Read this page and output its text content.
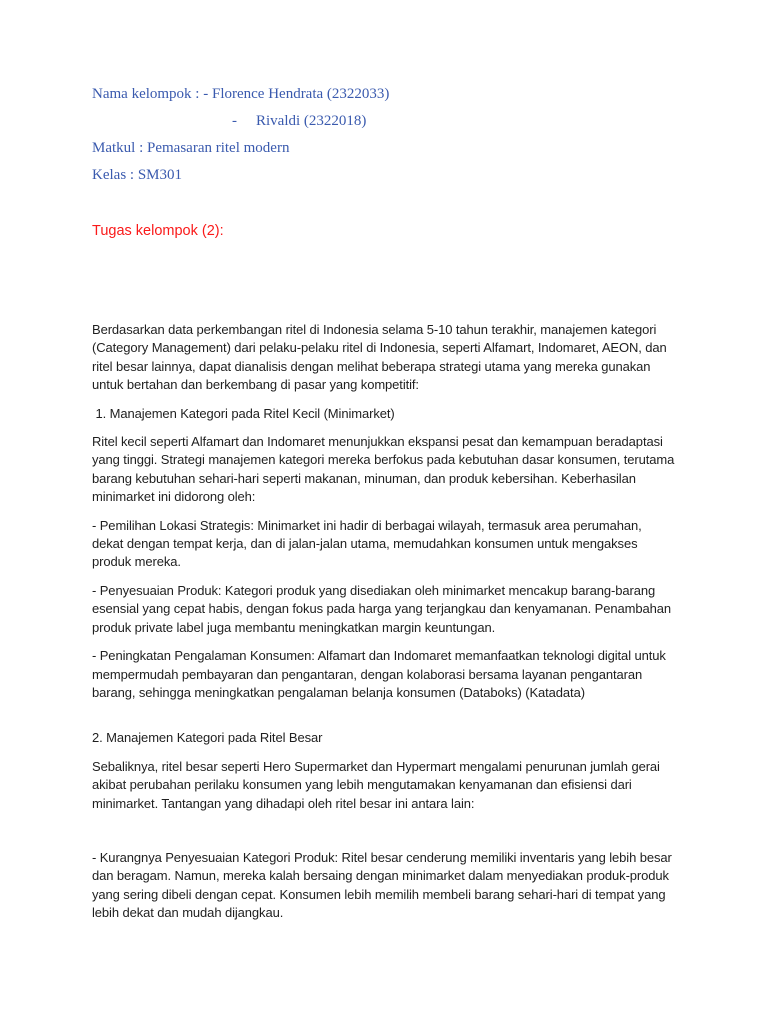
Nama kelompok : - Florence Hendrata (2322033)

- Rivaldi (2322018)

Matkul : Pemasaran ritel modern

Kelas : SM301

Tugas kelompok (2):

Berdasarkan data perkembangan ritel di Indonesia selama 5-10 tahun terakhir, manajemen kategori (Category Management) dari pelaku-pelaku ritel di Indonesia, seperti Alfamart, Indomaret, AEON, dan ritel besar lainnya, dapat dianalisis dengan melihat beberapa strategi utama yang mereka gunakan untuk bertahan dan berkembang di pasar yang kompetitif:

1. Manajemen Kategori pada Ritel Kecil (Minimarket)

Ritel kecil seperti Alfamart dan Indomaret menunjukkan ekspansi pesat dan kemampuan beradaptasi yang tinggi. Strategi manajemen kategori mereka berfokus pada kebutuhan dasar konsumen, terutama barang kebutuhan sehari-hari seperti makanan, minuman, dan produk kebersihan. Keberhasilan minimarket ini didorong oleh:

- Pemilihan Lokasi Strategis: Minimarket ini hadir di berbagai wilayah, termasuk area perumahan, dekat dengan tempat kerja, dan di jalan-jalan utama, memudahkan konsumen untuk mengakses produk mereka.

- Penyesuaian Produk: Kategori produk yang disediakan oleh minimarket mencakup barang-barang esensial yang cepat habis, dengan fokus pada harga yang terjangkau dan kenyamanan. Penambahan produk private label juga membantu meningkatkan margin keuntungan.

- Peningkatan Pengalaman Konsumen: Alfamart dan Indomaret memanfaatkan teknologi digital untuk mempermudah pembayaran dan pengantaran, dengan kolaborasi bersama layanan pengantaran barang, sehingga meningkatkan pengalaman belanja konsumen (Databoks) (Katadata)

2. Manajemen Kategori pada Ritel Besar

Sebaliknya, ritel besar seperti Hero Supermarket dan Hypermart mengalami penurunan jumlah gerai akibat perubahan perilaku konsumen yang lebih mengutamakan kenyamanan dan efisiensi dari minimarket. Tantangan yang dihadapi oleh ritel besar ini antara lain:

- Kurangnya Penyesuaian Kategori Produk: Ritel besar cenderung memiliki inventaris yang lebih besar dan beragam. Namun, mereka kalah bersaing dengan minimarket dalam menyediakan produk-produk yang sering dibeli dengan cepat. Konsumen lebih memilih membeli barang sehari-hari di tempat yang lebih dekat dan mudah dijangkau.
